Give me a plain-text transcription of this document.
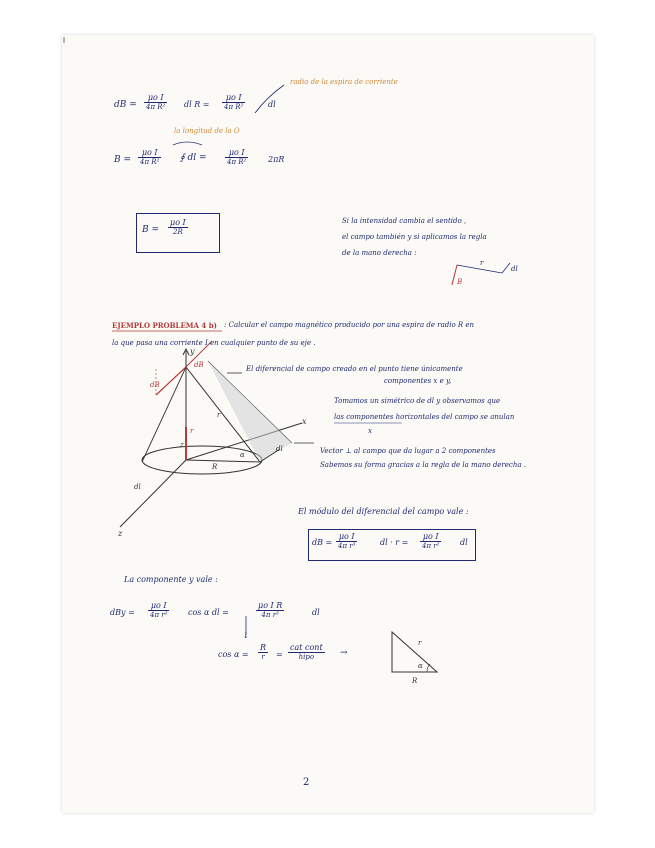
dB = $\frac{\text{μo I}}{\text{4π R²}}$ dl $R = \frac{\text{μo I}}{\text{4π R²}}$	dl
radio de la espira de corriente
la longitud de la O
$B = \frac{\text{μo I}}{\text{4π R²}}$ ∮ dl = $\frac{\text{μo I}}{\text{4π R²}} 2\pi R$
$B = \frac{\text{μo I}}{2R}$	Si la intensidad cambia el sentido ,
el campo también y si aplicamos la regla
de la mano derecha :
B
r
dl
EJEMPLO PROBLEMA 4 b) : Calcular el campo magnético producido por una espira de radio R en
la que pasa una corriente I en cualquier punto de su eje .
y
x
z
R
r
dB
dB
α
dl
dl
r
z
El diferencial de campo creado en el punto tiene únicamente
componentes x e y,
Tomamos un simétrico de dl y observamos que
las componentes horizontales del campo se anulan
x
Vector ⊥ al campo que da lugar a 2 componentes
Sabemos su forma gracias a la regla de la mano derecha .
El módulo del diferencial del campo vale :
dB = $\frac{\text{μo I}}{\text{4π r³}}$	dl · $r = \frac{\text{μo I}}{\text{4π r²}}$ dl
La componente y vale :
dBy = $\frac{\text{μo I}}{\text{4π r²}}$ cos α dl =	$\frac{\text{μo I R}}{\text{4π r³}}$	dl
↓
$\cos \alpha = \frac{R}{r}$ =
cat cont
hipo	→
r
α
R
2
